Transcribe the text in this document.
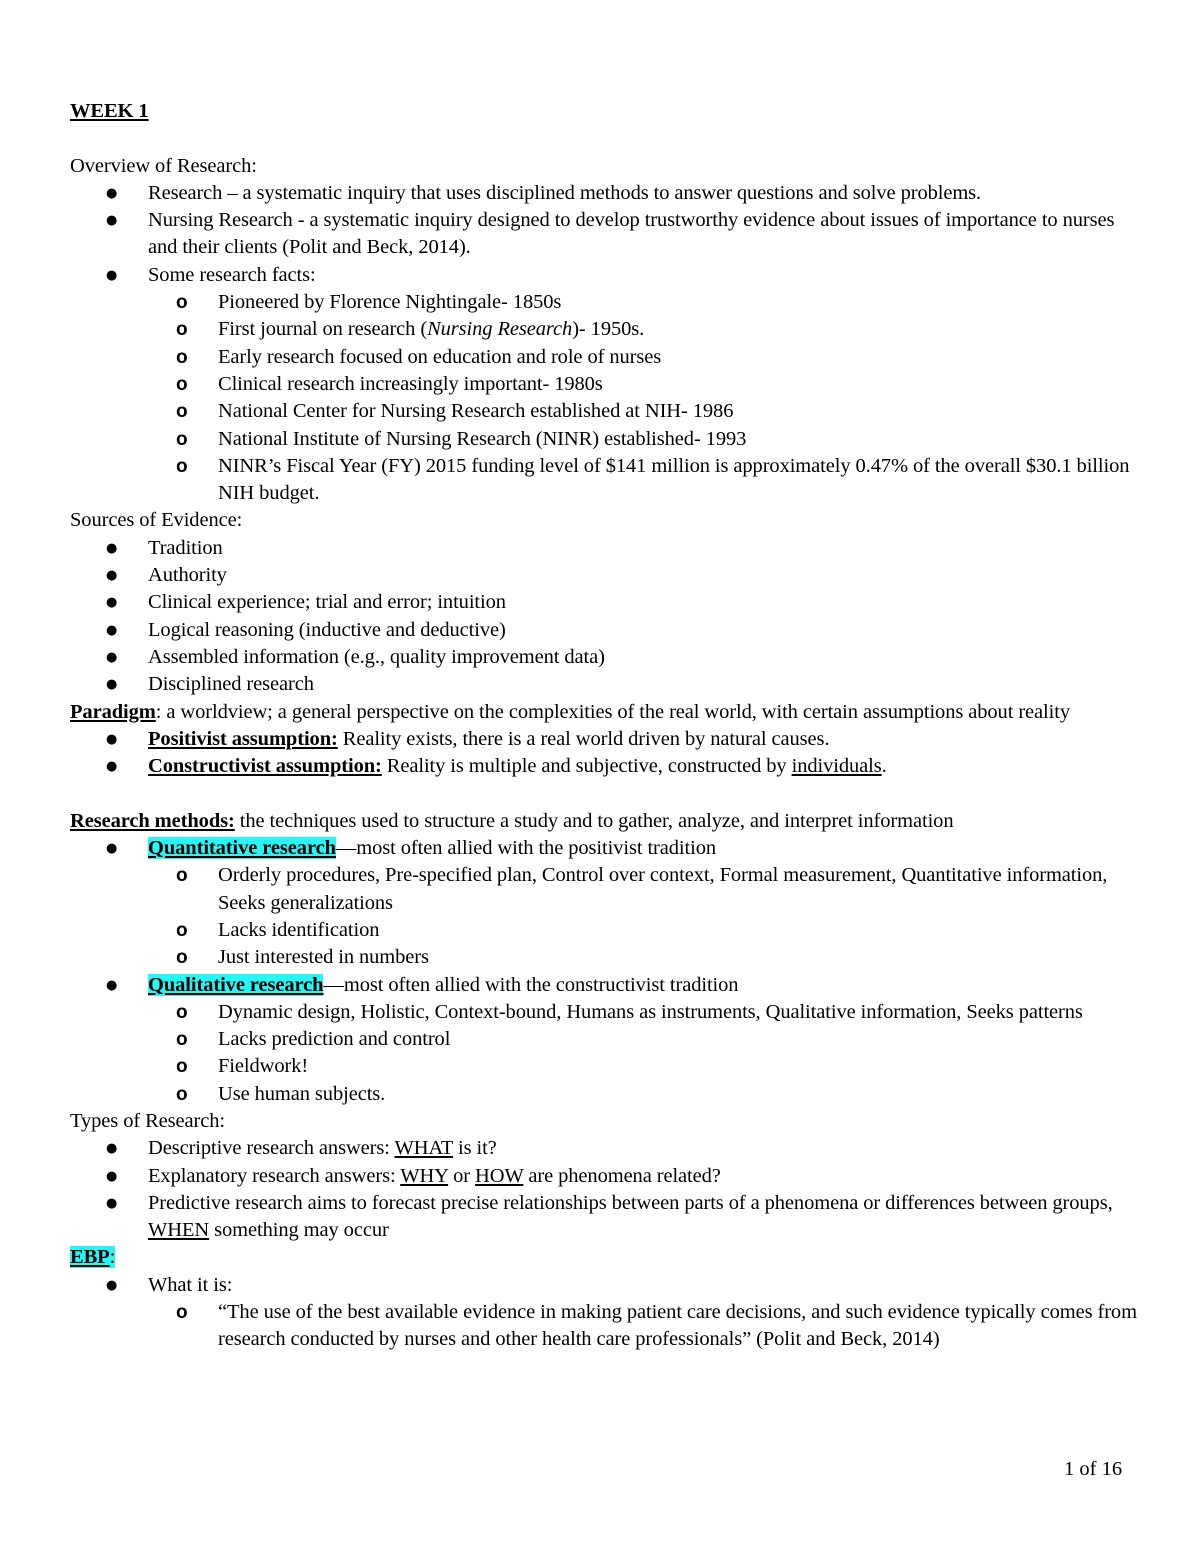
WEEK 1

Overview of Research:

● Research – a systematic inquiry that uses disciplined methods to answer questions and solve problems.
● Nursing Research - a systematic inquiry designed to develop trustworthy evidence about issues of importance to nurses and their clients (Polit and Beck, 2014).
● Some research facts:
o Pioneered by Florence Nightingale- 1850s
o First journal on research (Nursing Research)- 1950s.
o Early research focused on education and role of nurses
o Clinical research increasingly important- 1980s
o National Center for Nursing Research established at NIH- 1986
o National Institute of Nursing Research (NINR) established- 1993
o NINR’s Fiscal Year (FY) 2015 funding level of $141 million is approximately 0.47% of the overall $30.1 billion NIH budget.

Sources of Evidence:

● Tradition
● Authority
● Clinical experience; trial and error; intuition
● Logical reasoning (inductive and deductive)
● Assembled information (e.g., quality improvement data)
● Disciplined research

Paradigm: a worldview; a general perspective on the complexities of the real world, with certain assumptions about reality

● Positivist assumption: Reality exists, there is a real world driven by natural causes.
● Constructivist assumption: Reality is multiple and subjective, constructed by individuals.

Research methods: the techniques used to structure a study and to gather, analyze, and interpret information

● Quantitative research—most often allied with the positivist tradition
o Orderly procedures, Pre-specified plan, Control over context, Formal measurement, Quantitative information, Seeks generalizations
o Lacks identification
o Just interested in numbers
● Qualitative research—most often allied with the constructivist tradition
o Dynamic design, Holistic, Context-bound, Humans as instruments, Qualitative information, Seeks patterns
o Lacks prediction and control
o Fieldwork!
o Use human subjects.

Types of Research:

● Descriptive research answers: WHAT is it?
● Explanatory research answers: WHY or HOW are phenomena related?
● Predictive research aims to forecast precise relationships between parts of a phenomena or differences between groups, WHEN something may occur

EBP:

● What it is:
o “The use of the best available evidence in making patient care decisions, and such evidence typically comes from research conducted by nurses and other health care professionals” (Polit and Beck, 2014)
1 of 16
